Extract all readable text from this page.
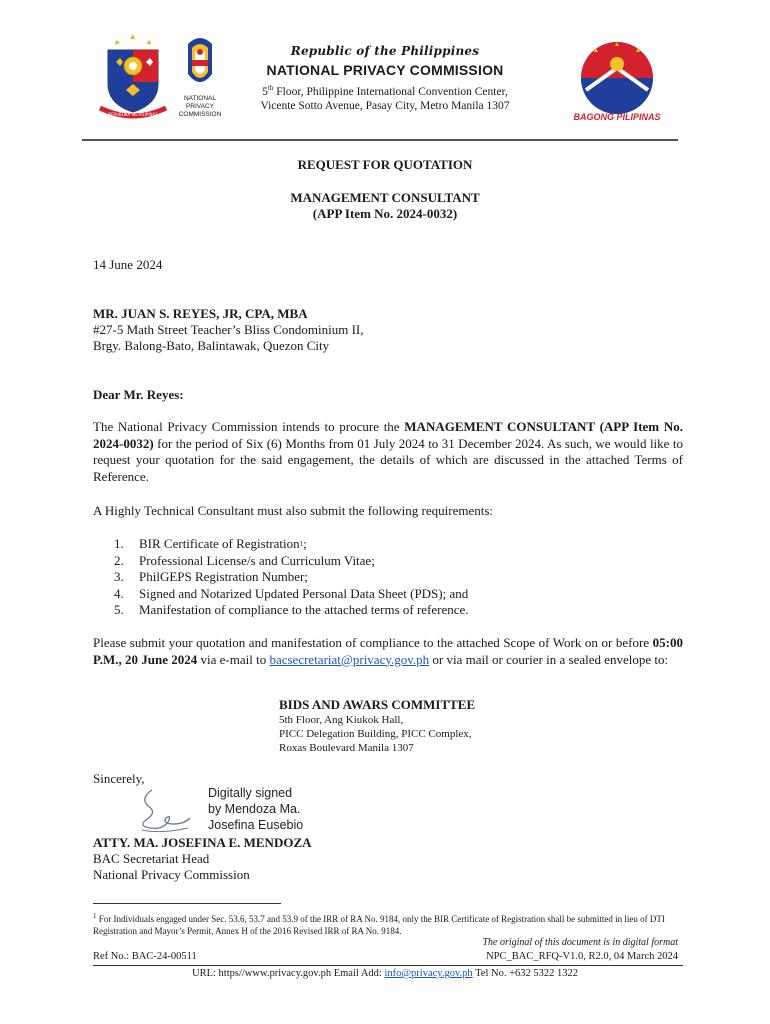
REPUBLIKA NG PILIPINAS
NATIONAL
PRIVACY
COMMISSION	BAGONG PILIPINAS
Republic of the Philippines
NATIONAL PRIVACY COMMISSION
5th Floor, Philippine International Convention Center,
Vicente Sotto Avenue, Pasay City, Metro Manila 1307
REQUEST FOR QUOTATION
MANAGEMENT CONSULTANT
(APP Item No. 2024-0032)
14 June 2024
MR. JUAN S. REYES, JR, CPA, MBA
#27-5 Math Street Teacher’s Bliss Condominium II,
Brgy. Balong-Bato, Balintawak, Quezon City
Dear Mr. Reyes:
The National Privacy Commission intends to procure the MANAGEMENT CONSULTANT (APP Item No. 2024-0032) for the period of Six (6) Months from 01 July 2024 to 31 December 2024. As such, we would like to request your quotation for the said engagement, the details of which are discussed in the attached Terms of Reference.
A Highly Technical Consultant must also submit the following requirements:
1.	BIR Certificate of Registration 1 ;
2.	Professional License/s and Curriculum Vitae;
3.	PhilGEPS Registration Number;
4.	Signed and Notarized Updated Personal Data Sheet (PDS); and
5.	Manifestation of compliance to the attached terms of reference.
Please submit your quotation and manifestation of compliance to the attached Scope of Work on or before 05:00 P.M., 20 June 2024 via e-mail to bacsecretariat@privacy.gov.ph or via mail or courier in a sealed envelope to:
BIDS AND AWARS COMMITTEE
5th Floor, Ang Kiukok Hall,
PICC Delegation Building, PICC Complex,
Roxas Boulevard Manila 1307
Sincerely,
Digitally signed
by Mendoza Ma.
Josefina Eusebio
ATTY. MA. JOSEFINA E. MENDOZA
BAC Secretariat Head
National Privacy Commission
$^1$ For Individuals engaged under Sec. 53.6, 53.7 and 53.9 of the IRR of RA No. 9184, only the BIR Certificate of Registration shall be submitted in lieu of DTI Registration and Mayor’s Permit, Annex H of the 2016 Revised IRR of RA No. 9184.
The original of this document is in digital format
Ref No.: BAC-24-00511	NPC_BAC_RFQ-V1.0, R2.0, 04 March 2024
URL: https//www.privacy.gov.ph Email Add: info@privacy.gov.ph Tel No. +632 5322 1322
